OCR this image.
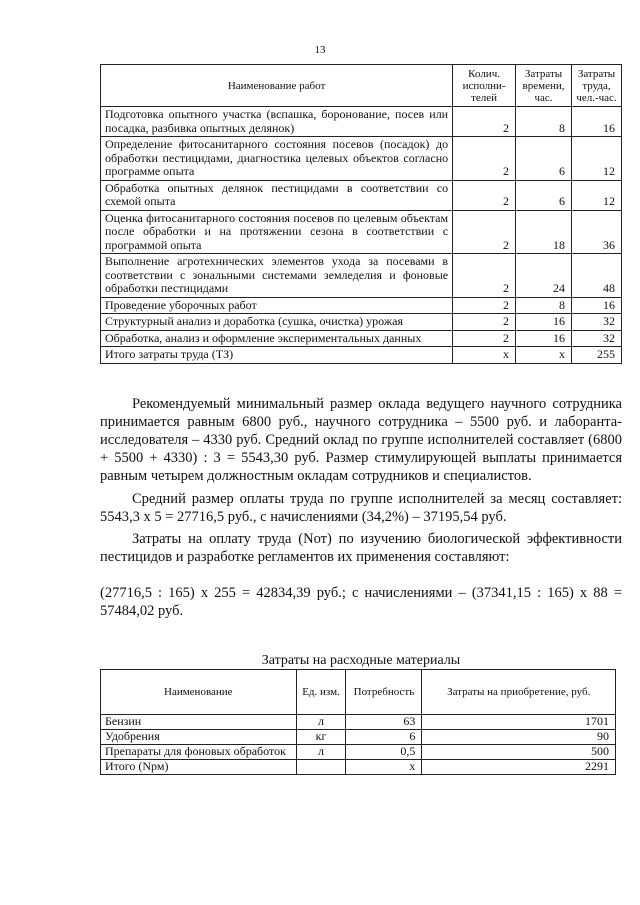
13
Наименование работ	Колич. исполни-телей	Затраты времени, час.	Затраты труда, чел.-час.
Подготовка опытного участка (вспашка, боронование, посев или посадка, разбивка опытных делянок)	2	8	16
Определение фитосанитарного состояния посевов (посадок) до обработки пестицидами, диагностика целевых объектов согласно программе опыта	2	6	12
Обработка опытных делянок пестицидами в соответствии со схемой опыта	2	6	12
Оценка фитосанитарного состояния посевов по целевым объектам после обработки и на протяжении сезона в соответствии с программой опыта	2	18	36
Выполнение агротехнических элементов ухода за посевами в соответствии с зональными системами земледелия и фоновые обработки пестицидами	2	24	48
Проведение уборочных работ	2	8	16
Структурный анализ и доработка (сушка, очистка) урожая	2	16	32
Обработка, анализ и оформление экспериментальных данных	2	16	32
Итого затраты труда (ТЗ)	х	х	255

Рекомендуемый минимальный размер оклада ведущего научного сотрудника принимается равным 6800 руб., научного сотрудника – 5500 руб. и лаборанта-исследователя – 4330 руб. Средний оклад по группе исполнителей составляет (6800 + 5500 + 4330) : 3 = 5543,30 руб. Размер стимулирующей выплаты принимается равным четырем должностным окладам сотрудников и специалистов.

Средний размер оплаты труда по группе исполнителей за месяц составляет: 5543,3 х 5 = 27716,5 руб., с начислениями (34,2%) – 37195,54 руб.

Затраты на оплату труда (Nот) по изучению биологической эффективности пестицидов и разработке регламентов их применения составляют:

(27716,5 : 165) х 255 = 42834,39 руб.; с начислениями – (37341,15 : 165) х 88 = 57484,02 руб.

Затраты на расходные материалы
Наименование	Ед. изм.	Потребность	Затраты на приобретение, руб.
Бензин	л	63	1701
Удобрения	кг	6	90
Препараты для фоновых обработок	л	0,5	500
Итого (Nрм)		х	2291
